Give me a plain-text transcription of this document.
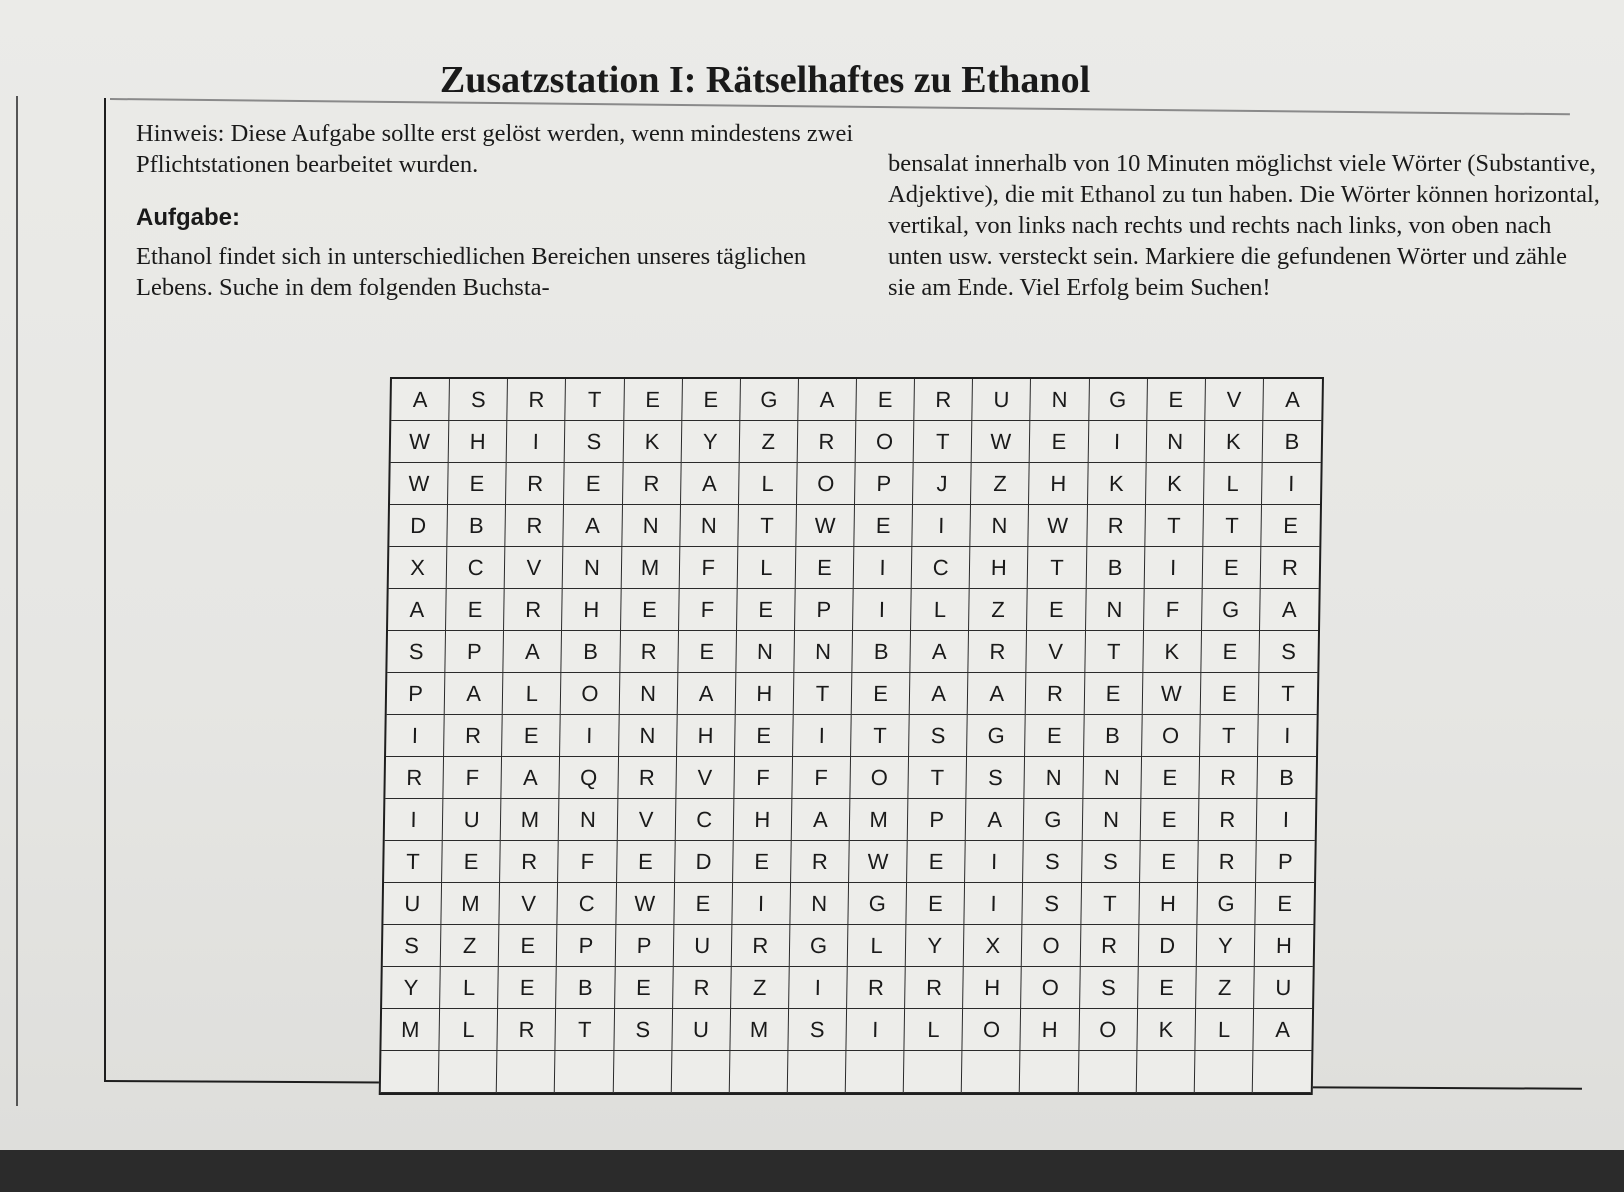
Zusatzstation I: Rätselhaftes zu Ethanol

Hinweis: Diese Aufgabe sollte erst gelöst werden, wenn mindestens zwei Pflichtstationen bearbeitet wurden.

Aufgabe:

Ethanol findet sich in unterschiedlichen Bereichen unseres täglichen Lebens. Suche in dem folgenden Buchsta-

bensalat innerhalb von 10 Minuten möglichst viele Wörter (Substantive, Adjektive), die mit Ethanol zu tun haben. Die Wörter können horizontal, vertikal, von links nach rechts und rechts nach links, von oben nach unten usw. versteckt sein. Markiere die gefundenen Wörter und zähle sie am Ende. Viel Erfolg beim Suchen!

A	S	R	T	E	E	G	A	E	R	U	N	G	E	V	A
W	H	I	S	K	Y	Z	R	O	T	W	E	I	N	K	B
W	E	R	E	R	A	L	O	P	J	Z	H	K	K	L	I
D	B	R	A	N	N	T	W	E	I	N	W	R	T	T	E
X	C	V	N	M	F	L	E	I	C	H	T	B	I	E	R
A	E	R	H	E	F	E	P	I	L	Z	E	N	F	G	A
S	P	A	B	R	E	N	N	B	A	R	V	T	K	E	S
P	A	L	O	N	A	H	T	E	A	A	R	E	W	E	T
I	R	E	I	N	H	E	I	T	S	G	E	B	O	T	I
R	F	A	Q	R	V	F	F	O	T	S	N	N	E	R	B
I	U	M	N	V	C	H	A	M	P	A	G	N	E	R	I
T	E	R	F	E	D	E	R	W	E	I	S	S	E	R	P
U	M	V	C	W	E	I	N	G	E	I	S	T	H	G	E
S	Z	E	P	P	U	R	G	L	Y	X	O	R	D	Y	H
Y	L	E	B	E	R	Z	I	R	R	H	O	S	E	Z	U
M	L	R	T	S	U	M	S	I	L	O	H	O	K	L	A
